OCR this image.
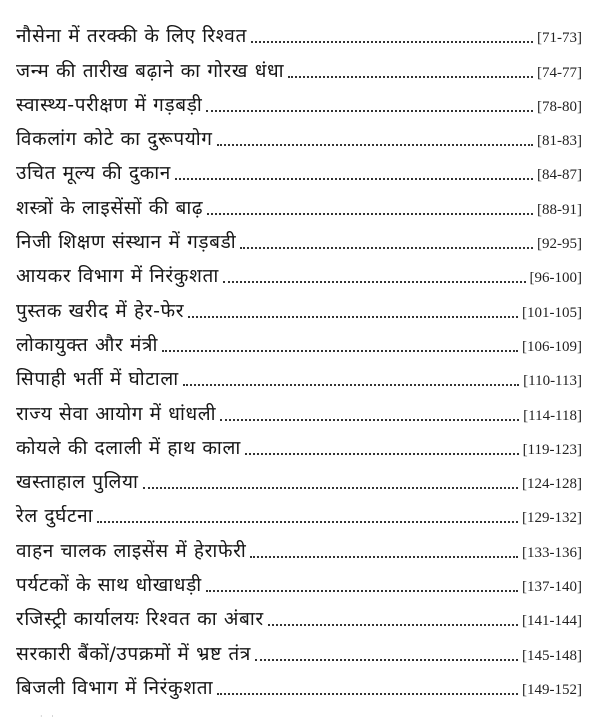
नौसेना में तरक्की के लिए रिश्वत	[71-73]
जन्म की तारीख बढ़ाने का गोरख धंधा	[74-77]
स्वास्थ्य-परीक्षण में गड़बड़ी	[78-80]
विकलांग कोटे का दुरूपयोग	[81-83]
उचित मूल्य की दुकान	[84-87]
शस्त्रों के लाइसेंसों की बाढ़	[88-91]
निजी शिक्षण संस्थान में गड़बडी	[92-95]
आयकर विभाग में निरंकुशता	[96-100]
पुस्तक खरीद में हेर-फेर	[101-105]
लोकायुक्त और मंत्री	[106-109]
सिपाही भर्ती में घोटाला	[110-113]
राज्य सेवा आयोग में धांधली	[114-118]
कोयले की दलाली में हाथ काला	[119-123]
खस्ताहाल पुलिया	[124-128]
रेल दुर्घटना	[129-132]
वाहन चालक लाइसेंस में हेराफेरी	[133-136]
पर्यटकों के साथ धोखाधड़ी	[137-140]
रजिस्ट्री कार्यालयः रिश्वत का अंबार	[141-144]
सरकारी बैंकों/उपक्रमों में भ्रष्ट तंत्र	[145-148]
बिजली विभाग में निरंकुशता	[149-152]
· ·
